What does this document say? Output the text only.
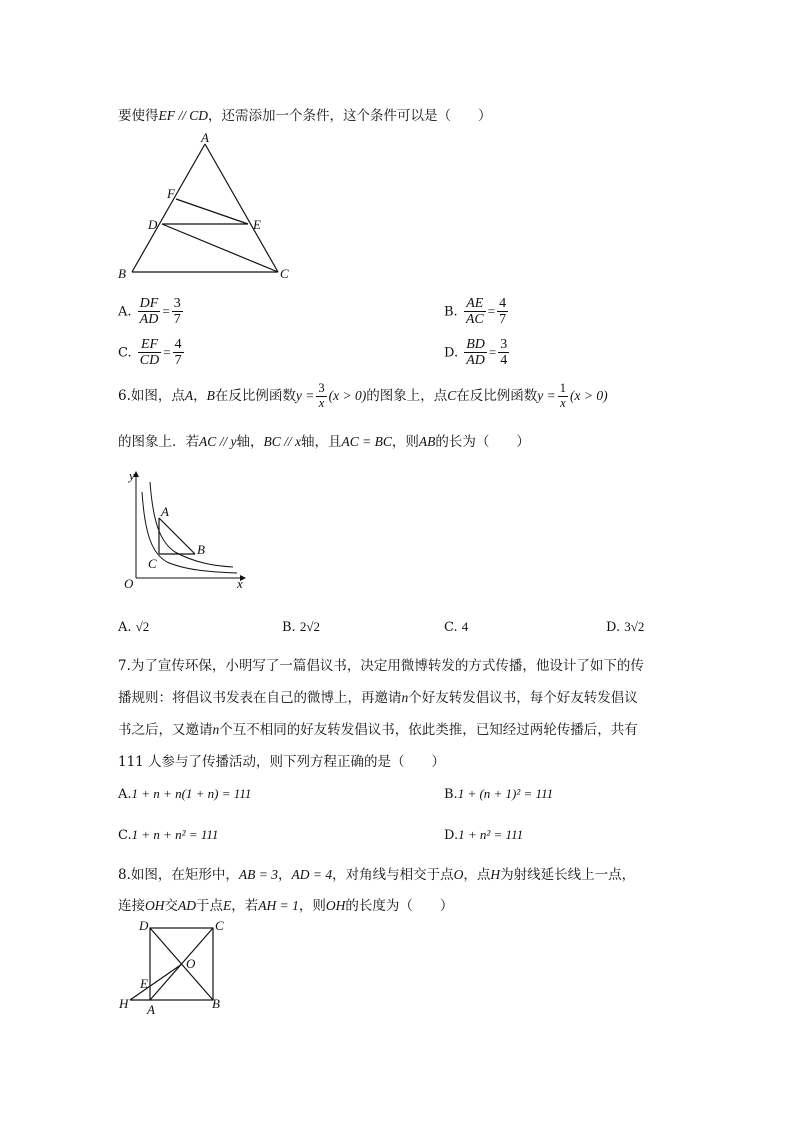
要使得EF // CD，还需添加一个条件，这个条件可以是（　　）
A
F
D	E
B	C
A. $\frac{DF}{AD} = \frac{3}{7}$	B. $\frac{AE}{AC} = \frac{4}{7}$
C. $\frac{EF}{CD} = \frac{4}{7}$	D. $\frac{BD}{AD} = \frac{3}{4}$
6.如图，点A，B在反比例函数$y = \frac{3}{x} (x > 0)$的图象上，点C在反比例函数$y = \frac{1}{x} (x > 0)$
的图象上．若AC // y轴，BC // x轴，且AC = BC，则AB的长为（　　）
y
x
O
A
B
C
A. √2	B. 2√2	C. 4	D. 3√2
7.为了宣传环保，小明写了一篇倡议书，决定用微博转发的方式传播，他设计了如下的传
播规则：将倡议书发表在自己的微博上，再邀请n个好友转发倡议书，每个好友转发倡议
书之后，又邀请n个互不相同的好友转发倡议书，依此类推，已知经过两轮传播后，共有
111 人参与了传播活动，则下列方程正确的是（　　）
A.1 + n + n(1 + n) = 111	B.1 + (n + 1)² = 111
C.1 + n + n² = 111	D.1 + n² = 111
8.如图，在矩形中，AB = 3，AD = 4，对角线与相交于点O，点H为射线延长线上一点，
连接OH交AD于点E，若AH = 1，则OH的长度为（　　）
D	C
O
E
H A	B
